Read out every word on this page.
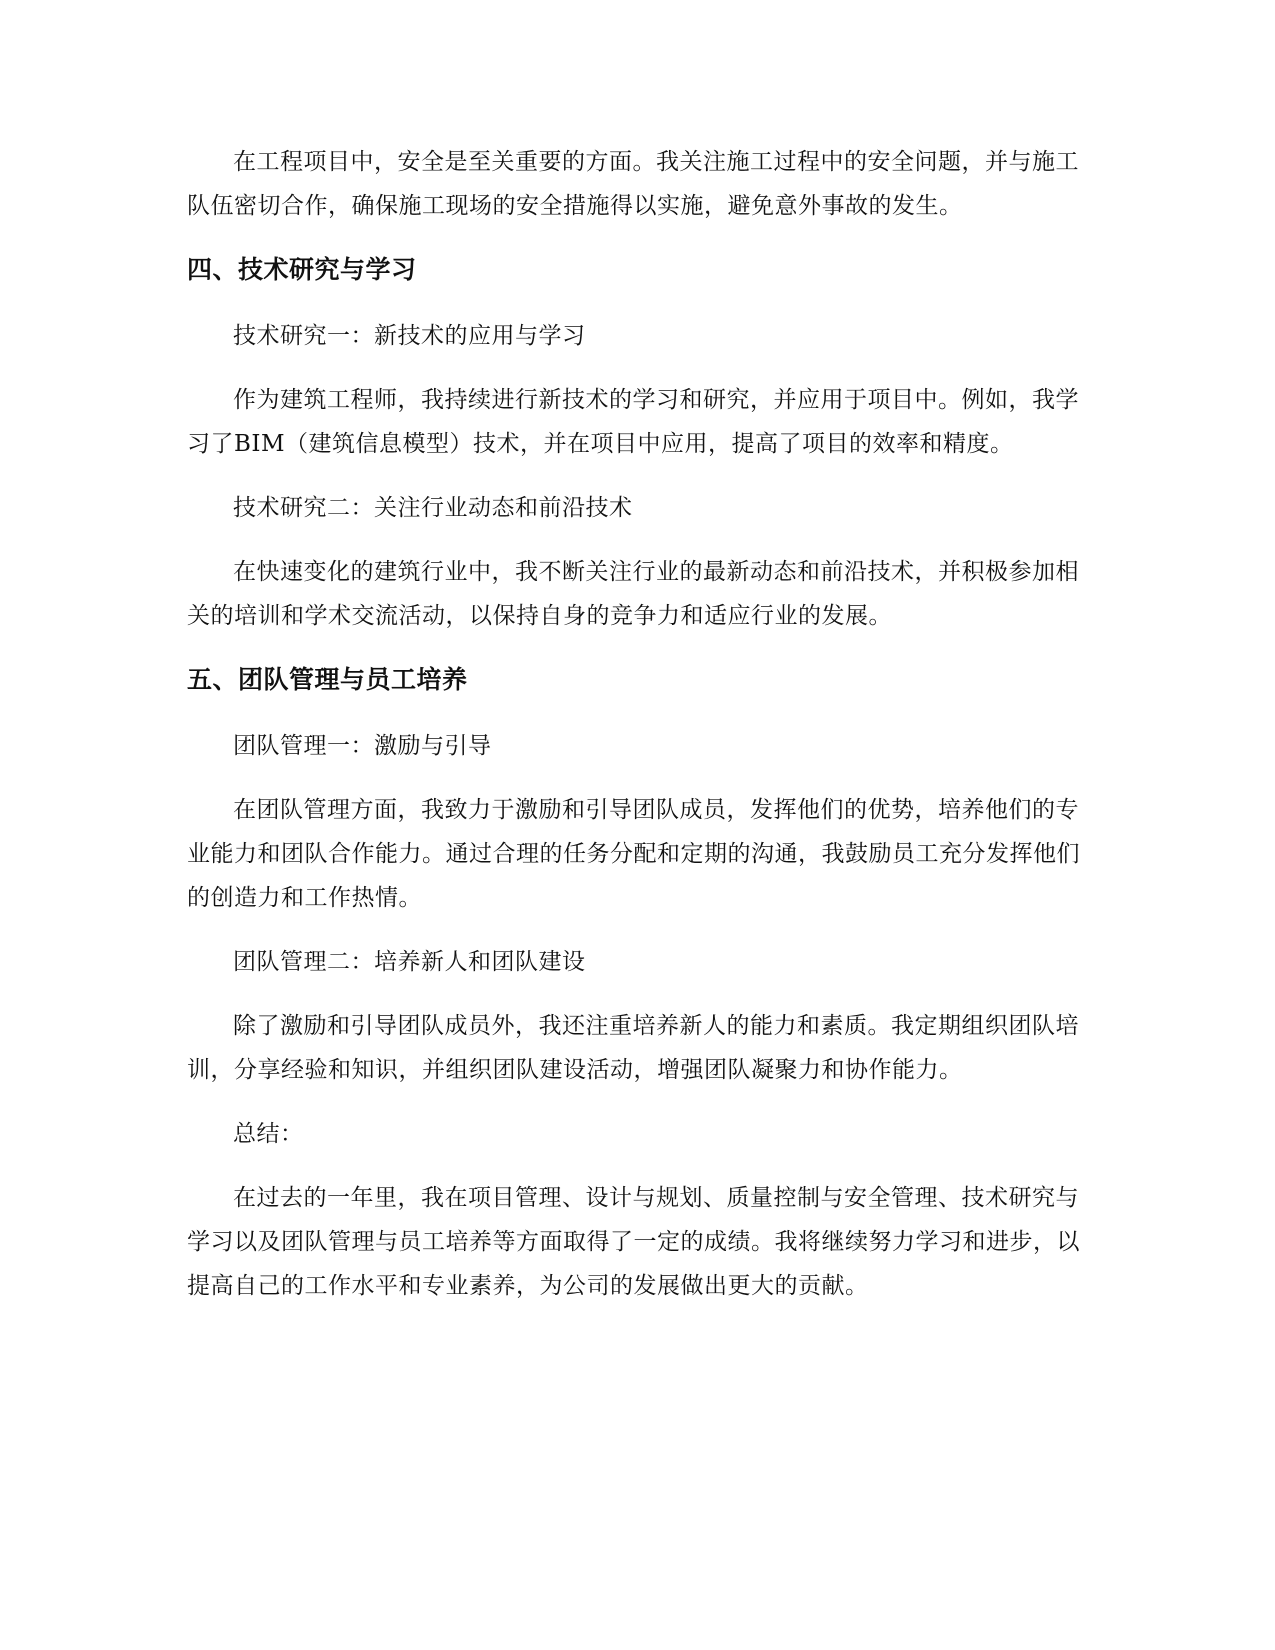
在工程项目中，安全是至关重要的方面。我关注施工过程中的安全问题，并与施工队伍密切合作，确保施工现场的安全措施得以实施，避免意外事故的发生。

四、技术研究与学习

技术研究一：新技术的应用与学习

作为建筑工程师，我持续进行新技术的学习和研究，并应用于项目中。例如，我学习了BIM（建筑信息模型）技术，并在项目中应用，提高了项目的效率和精度。

技术研究二：关注行业动态和前沿技术

在快速变化的建筑行业中，我不断关注行业的最新动态和前沿技术，并积极参加相关的培训和学术交流活动，以保持自身的竞争力和适应行业的发展。

五、团队管理与员工培养

团队管理一：激励与引导

在团队管理方面，我致力于激励和引导团队成员，发挥他们的优势，培养他们的专业能力和团队合作能力。通过合理的任务分配和定期的沟通，我鼓励员工充分发挥他们的创造力和工作热情。

团队管理二：培养新人和团队建设

除了激励和引导团队成员外，我还注重培养新人的能力和素质。我定期组织团队培训，分享经验和知识，并组织团队建设活动，增强团队凝聚力和协作能力。

总结：

在过去的一年里，我在项目管理、设计与规划、质量控制与安全管理、技术研究与学习以及团队管理与员工培养等方面取得了一定的成绩。我将继续努力学习和进步，以提高自己的工作水平和专业素养，为公司的发展做出更大的贡献。
